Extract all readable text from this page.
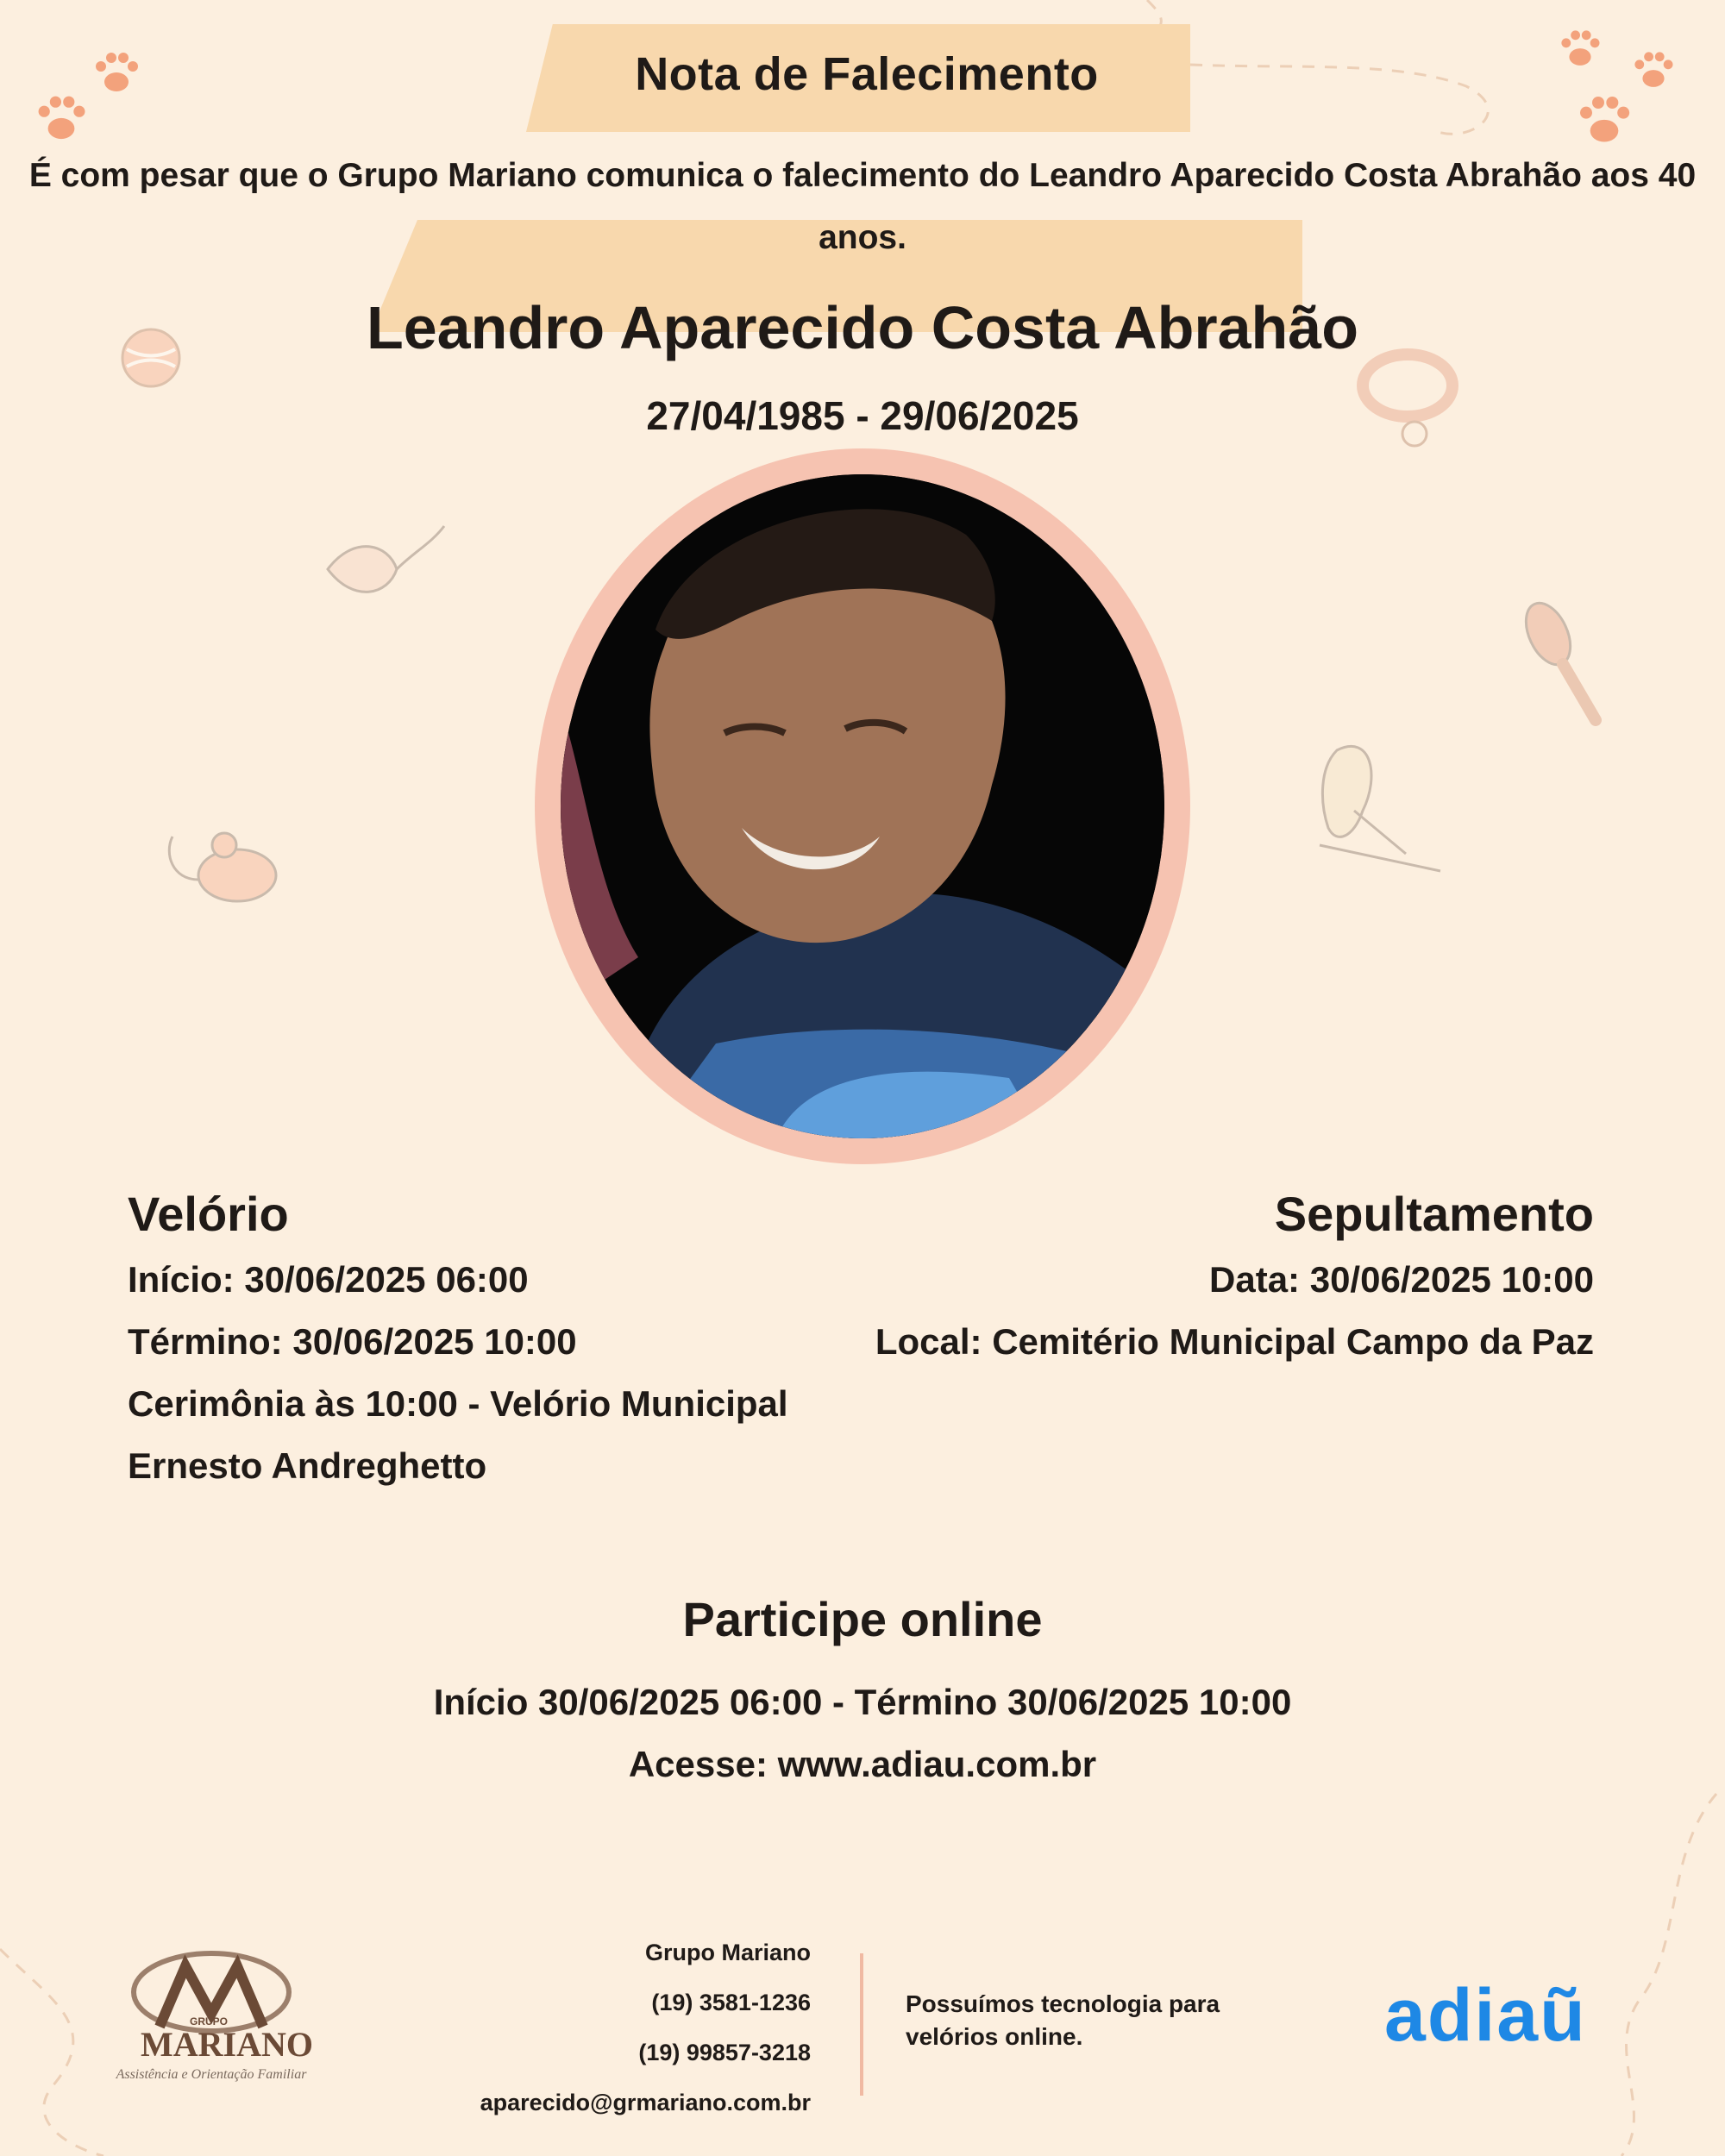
Nota de Falecimento
É com pesar que o Grupo Mariano comunica o falecimento do Leandro Aparecido Costa Abrahão aos 40 anos.
Leandro Aparecido Costa Abrahão
27/04/1985 - 29/06/2025
Velório
Início: 30/06/2025 06:00
Término: 30/06/2025 10:00
Cerimônia às 10:00 - Velório Municipal
Ernesto Andreghetto
Sepultamento
Data: 30/06/2025 10:00
Local: Cemitério Municipal Campo da Paz
Participe online
Início 30/06/2025 06:00 - Término 30/06/2025 10:00
Acesse: www.adiau.com.br
GRUPO
MARIANO
Assistência e Orientação Familiar
Grupo Mariano
(19) 3581-1236
(19) 99857-3218
aparecido@grmariano.com.br
Possuímos tecnologia para velórios online.	adiaũ
